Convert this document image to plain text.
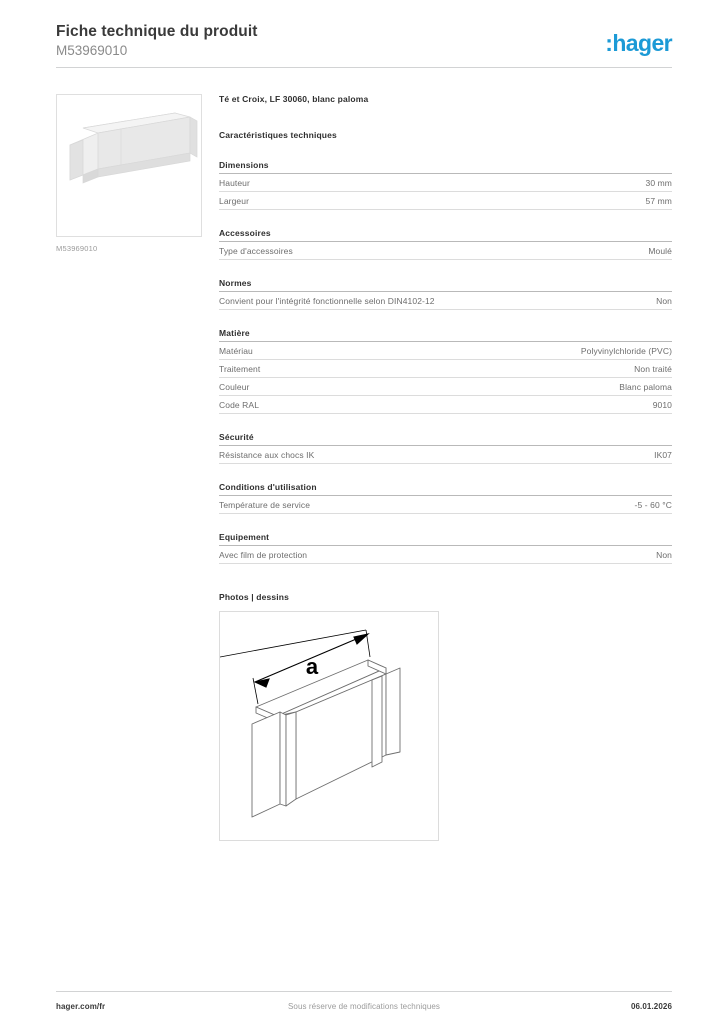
Fiche technique du produit
M53969010	:hager
M53969010
Té et Croix, LF 30060, blanc paloma
Caractéristiques techniques
Dimensions
Hauteur	30 mm
Largeur	57 mm
Accessoires
Type d'accessoires	Moulé
Normes
Convient pour l'intégrité fonctionnelle selon DIN4102-12	Non
Matière
Matériau	Polyvinylchloride (PVC)
Traitement	Non traité
Couleur	Blanc paloma
Code RAL	9010
Sécurité
Résistance aux chocs IK	IK07
Conditions d'utilisation
Température de service	-5 - 60 °C
Equipement
Avec film de protection	Non
Photos | dessins
a
hager.com/fr	Sous réserve de modifications techniques	06.01.2026
